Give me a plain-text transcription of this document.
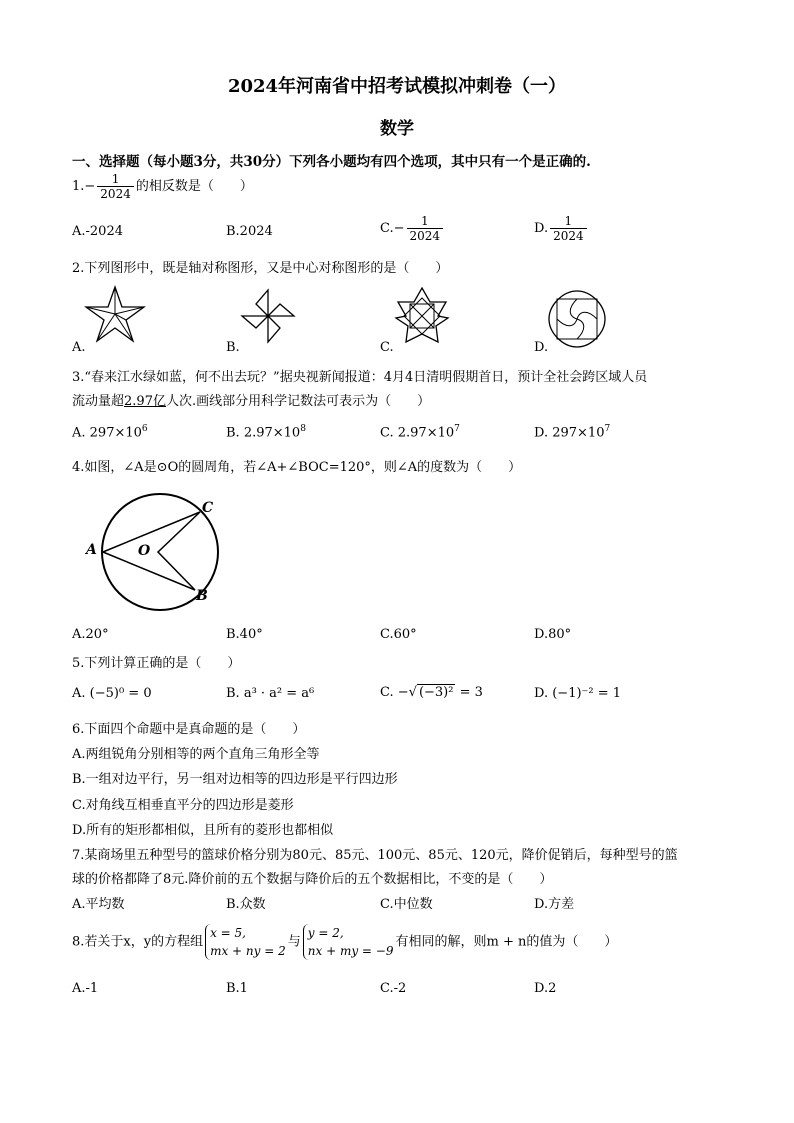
2024年河南省中招考试模拟冲刺卷（一）
数学
一、选择题（每小题3分，共30分）下列各小题均有四个选项，其中只有一个是正确的.
$1.- \frac{1}{2024}$ 的相反数是（　　）
A.-2024	B.2024	$C.- \frac{1}{2024}$	D. $\frac{1}{2024}$
2.下列图形中，既是轴对称图形，又是中心对称图形的是（　　）
A.	B.	C.	D.
3.“春来江水绿如蓝，何不出去玩？”据央视新闻报道：4月4日清明假期首日，预计全社会跨区域人员
流动量超2.97亿人次.画线部分用科学记数法可表示为（　　）
A. $297\times 10^6$	B. $2.97\times 10^8$	C. $2.97\times 10^7$	D. $297\times 10^7$
4.如图，∠A是⊙O的圆周角，若∠A+∠BOC=120°，则∠A的度数为（　　）
A	O
B
C
A.20°	B.40°	C.60°	D.80°
5.下列计算正确的是（　　）
A. (−5)⁰ = 0	B. a³ · a² = a⁶	C. −√ (−3)² = 3	D. (−1)⁻² = 1
6.下面四个命题中是真命题的是（　　）
A.两组锐角分别相等的两个直角三角形全等
B.一组对边平行，另一组对边相等的四边形是平行四边形
C.对角线互相垂直平分的四边形是菱形
D.所有的矩形都相似，且所有的菱形也都相似
7.某商场里五种型号的篮球价格分别为80元、85元、100元、85元、120元，降价促销后，每种型号的篮
球的价格都降了8元.降价前的五个数据与降价后的五个数据相比，不变的是（　　）
A.平均数	B.众数	C.中位数	D.方差
8.若关于x，y的方程组
x = 5,
mx + ny = 2
与
y = 2,
nx + my = −9
有相同的解，则m + n的值为（　　）
A.-1	B.1	C.-2	D.2
